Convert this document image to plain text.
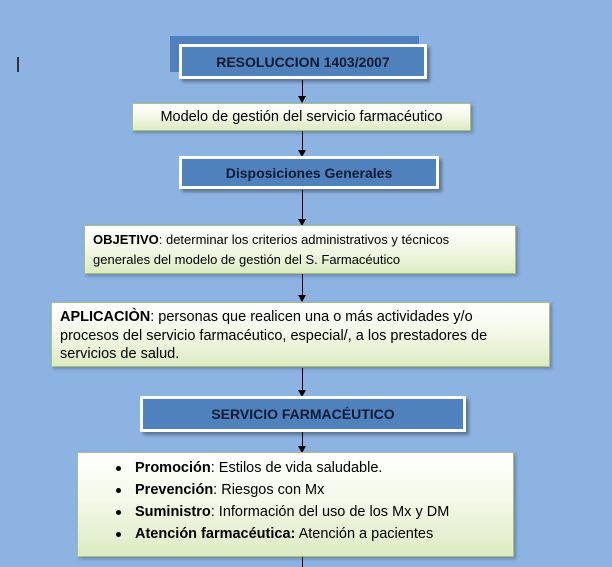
RESOLUCCION 1403/2007
Modelo de gestión del servicio farmacéutico
Disposiciones Generales
OBJETIVO: determinar los criterios administrativos y técnicos
generales del modelo de gestión del S. Farmacéutico
APLICACIÒN: personas que realicen una o más actividades y/o
procesos del servicio farmacéutico, especial/, a los prestadores de
servicios de salud.
SERVICIO FARMACÉUTICO
Promoción: Estilos de vida saludable.
Prevención: Riesgos con Mx
Suministro: Información del uso de los Mx y DM
Atención farmacéutica: Atención a pacientes
